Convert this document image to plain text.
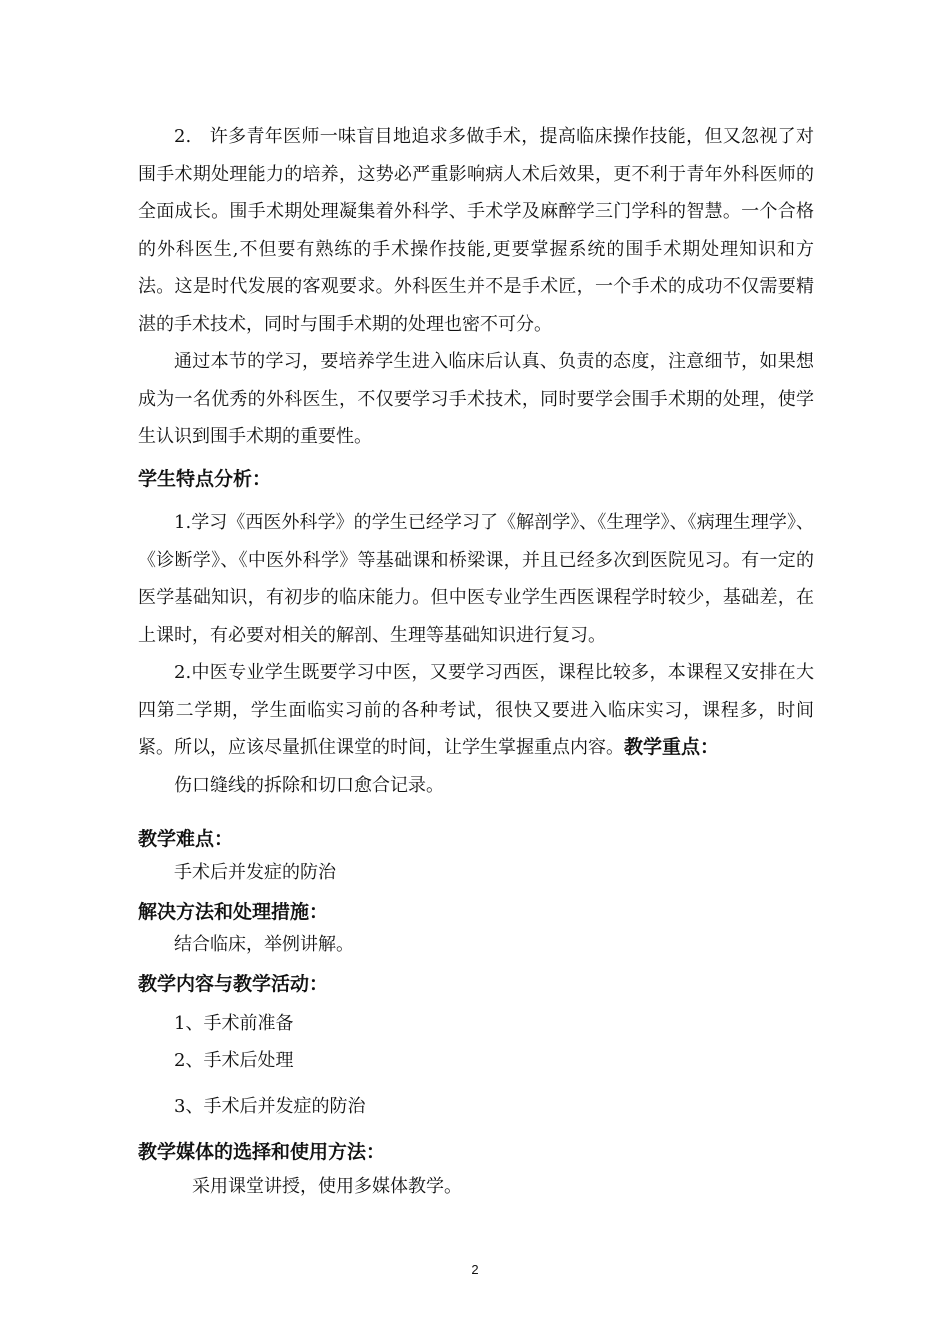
2.　许多青年医师一味盲目地追求多做手术，提高临床操作技能，但又忽视了对围手术期处理能力的培养，这势必严重影响病人术后效果，更不利于青年外科医师的全面成长。围手术期处理凝集着外科学、手术学及麻醉学三门学科的智慧。一个合格的外科医生,不但要有熟练的手术操作技能,更要掌握系统的围手术期处理知识和方法。这是时代发展的客观要求。外科医生并不是手术匠，一个手术的成功不仅需要精湛的手术技术，同时与围手术期的处理也密不可分。

通过本节的学习，要培养学生进入临床后认真、负责的态度，注意细节，如果想成为一名优秀的外科医生，不仅要学习手术技术，同时要学会围手术期的处理，使学生认识到围手术期的重要性。

学生特点分析：

1.学习《西医外科学》的学生已经学习了《解剖学》、《生理学》、《病理生理学》、《诊断学》、《中医外科学》等基础课和桥梁课，并且已经多次到医院见习。有一定的医学基础知识，有初步的临床能力。但中医专业学生西医课程学时较少，基础差，在上课时，有必要对相关的解剖、生理等基础知识进行复习。

2.中医专业学生既要学习中医，又要学习西医，课程比较多，本课程又安排在大四第二学期，学生面临实习前的各种考试，很快又要进入临床实习，课程多，时间紧。所以，应该尽量抓住课堂的时间，让学生掌握重点内容。教学重点：

伤口缝线的拆除和切口愈合记录。

教学难点：

手术后并发症的防治

解决方法和处理措施：

结合临床，举例讲解。

教学内容与教学活动：

1、手术前准备

2、手术后处理

3、手术后并发症的防治

教学媒体的选择和使用方法：

采用课堂讲授，使用多媒体教学。

2
